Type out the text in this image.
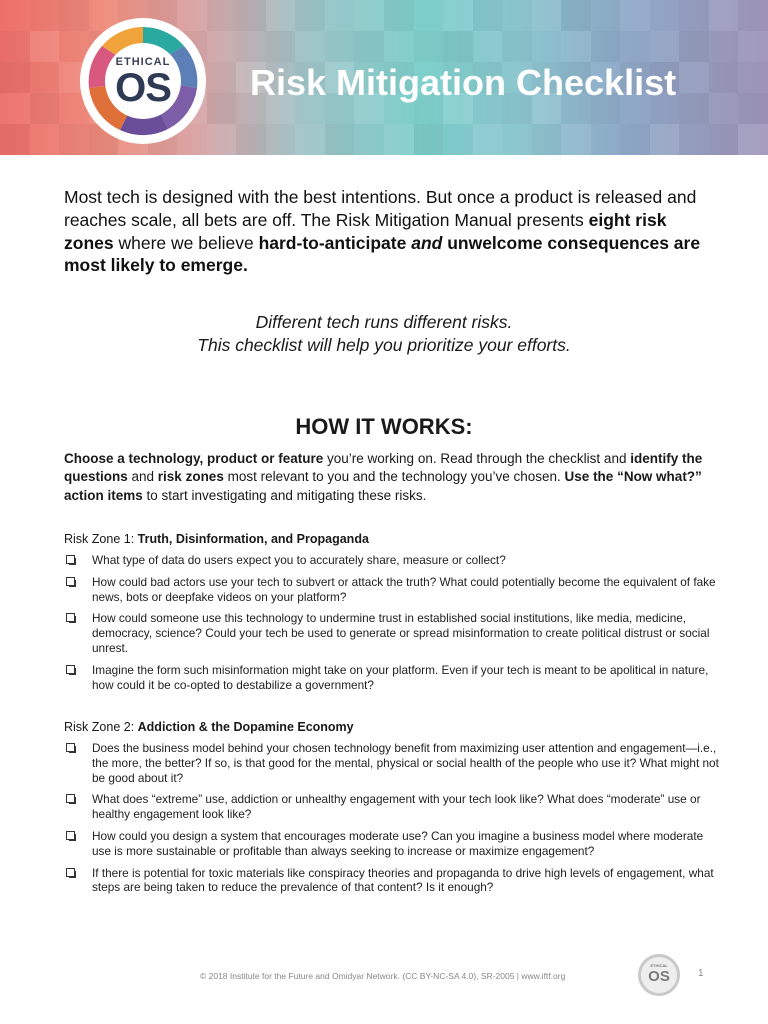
ETHICAL
OS	Risk Mitigation Checklist
Most tech is designed with the best intentions. But once a product is released and reaches scale, all bets are off. The Risk Mitigation Manual presents eight risk zones where we believe hard-to-anticipate and unwelcome consequences are most likely to emerge.
Different tech runs different risks.
This checklist will help you prioritize your efforts.
HOW IT WORKS:
Choose a technology, product or feature you’re working on. Read through the checklist and identify the questions and risk zones most relevant to you and the technology you’ve chosen. Use the “Now what?” action items to start investigating and mitigating these risks.
Risk Zone 1: Truth, Disinformation, and Propaganda
What type of data do users expect you to accurately share, measure or collect?
How could bad actors use your tech to subvert or attack the truth? What could potentially become the equivalent of fake news, bots or deepfake videos on your platform?
How could someone use this technology to undermine trust in established social institutions, like media, medicine, democracy, science? Could your tech be used to generate or spread misinformation to create political distrust or social unrest.
Imagine the form such misinformation might take on your platform. Even if your tech is meant to be apolitical in nature, how could it be co-opted to destabilize a government?
Risk Zone 2: Addiction & the Dopamine Economy
Does the business model behind your chosen technology benefit from maximizing user attention and engagement—i.e., the more, the better? If so, is that good for the mental, physical or social health of the people who use it? What might not be good about it?
What does “extreme” use, addiction or unhealthy engagement with your tech look like? What does “moderate” use or healthy engagement look like?
How could you design a system that encourages moderate use? Can you imagine a business model where moderate use is more sustainable or profitable than always seeking to increase or maximize engagement?
If there is potential for toxic materials like conspiracy theories and propaganda to drive high levels of engagement, what steps are being taken to reduce the prevalence of that content? Is it enough?
© 2018 Institute for the Future and Omidyar Network. (CC BY-NC-SA 4.0), SR-2005 | www.iftf.org
ETHICAL
OS	1
